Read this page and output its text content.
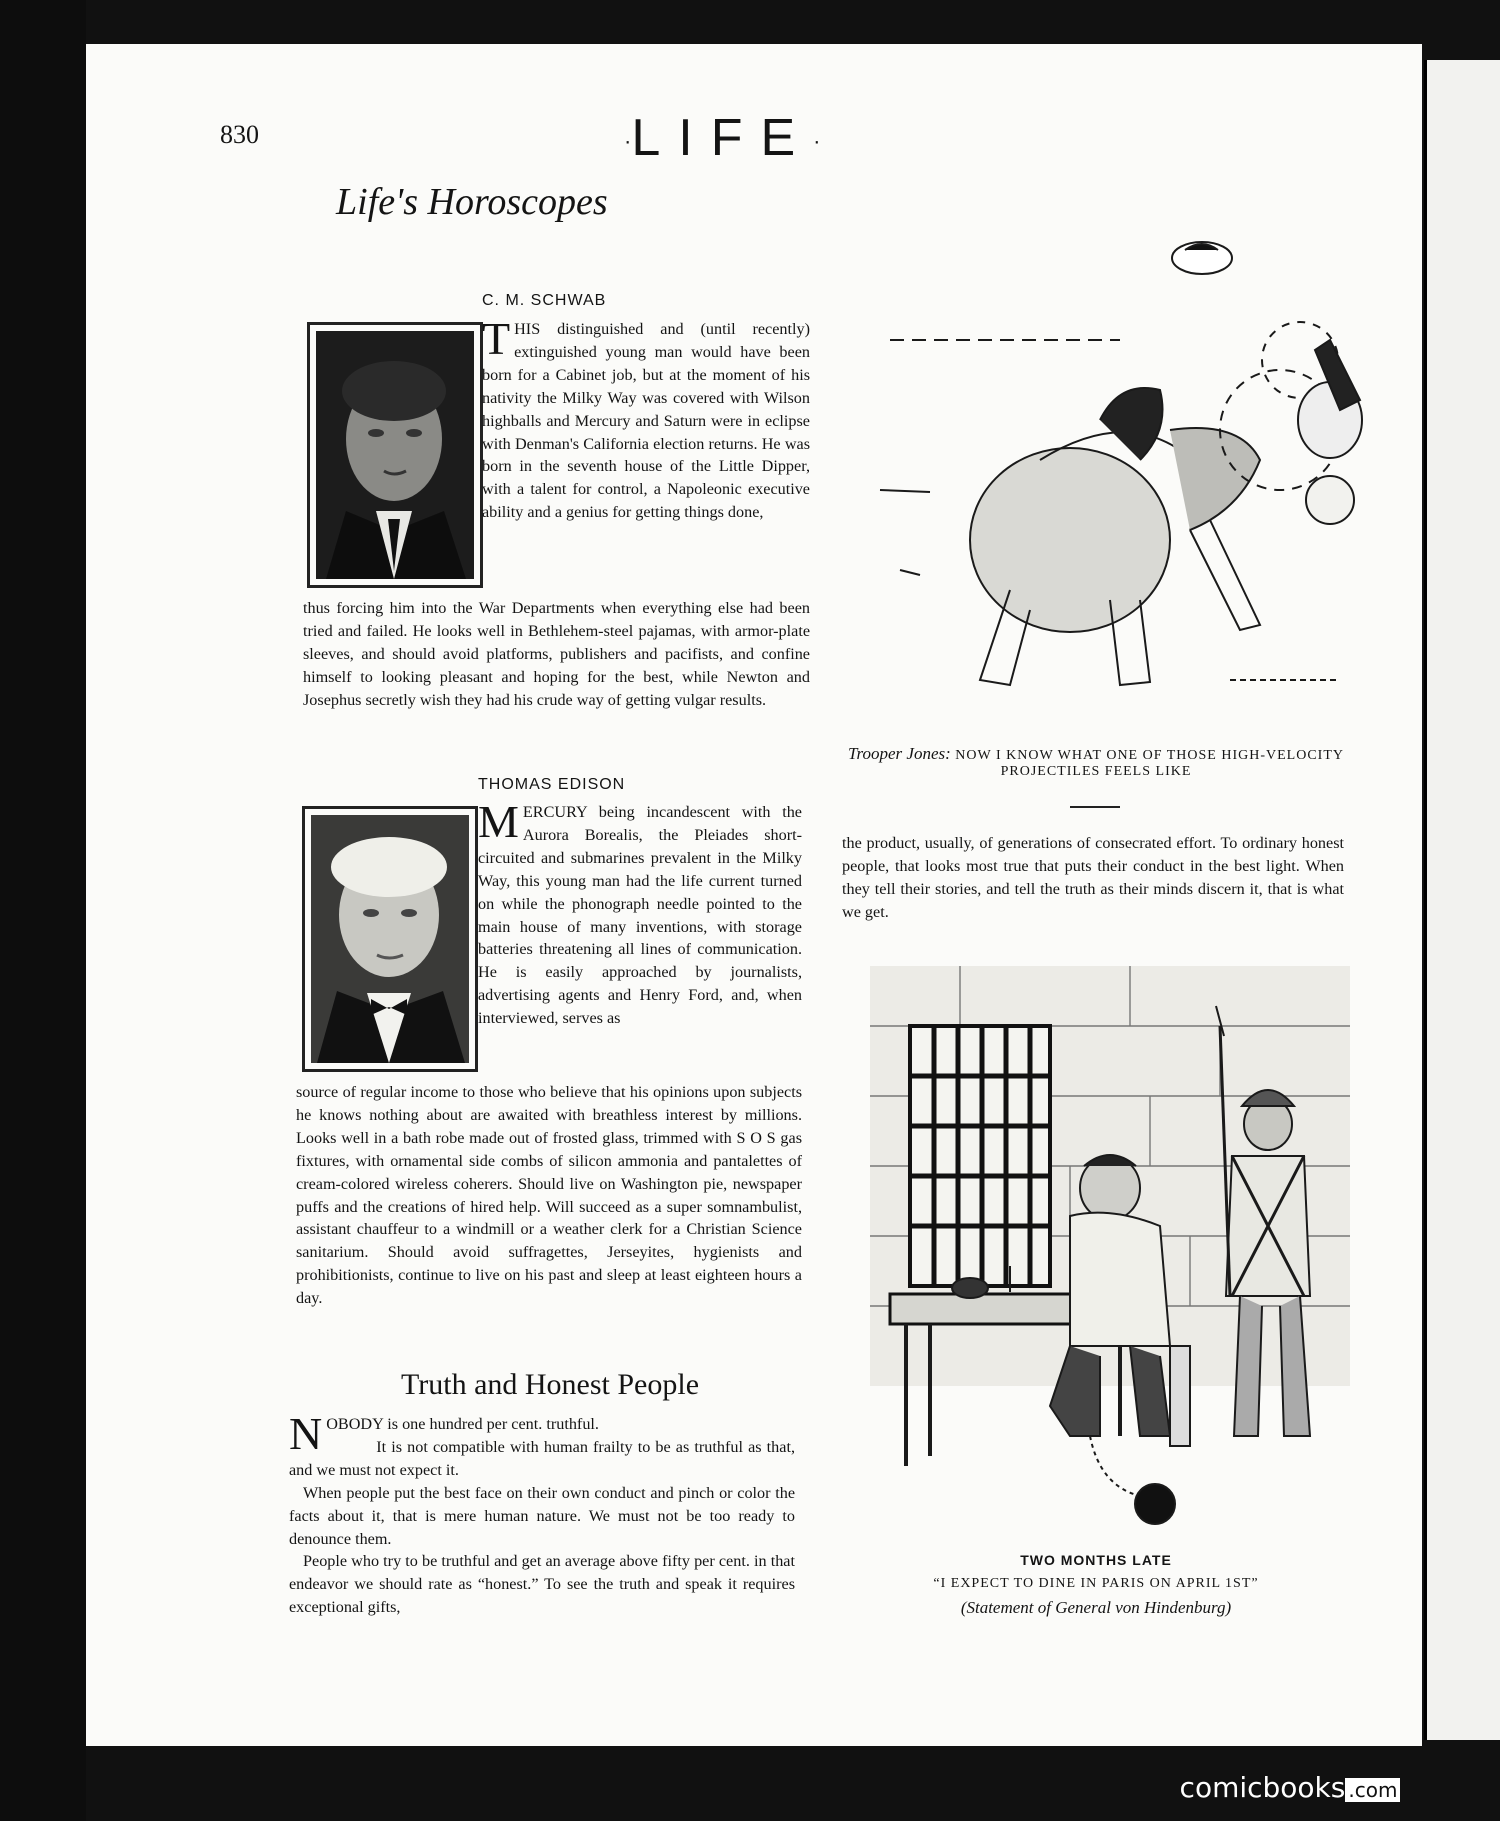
830	·LIFE·
Life's Horoscopes
C. M. SCHWAB
THIS distinguished and (until recently) extinguished young man would have been born for a Cabinet job, but at the moment of his nativity the Milky Way was covered with Wilson highballs and Mercury and Saturn were in eclipse with Denman's California election returns. He was born in the seventh house of the Little Dipper, with a talent for control, a Napoleonic executive ability and a genius for getting things done,
thus forcing him into the War Departments when everything else had been tried and failed. He looks well in Bethlehem-steel pajamas, with armor-plate sleeves, and should avoid platforms, publishers and pacifists, and confine himself to looking pleasant and hoping for the best, while Newton and Josephus secretly wish they had his crude way of getting vulgar results.
THOMAS EDISON
MERCURY being incandescent with the Aurora Borealis, the Pleiades short-circuited and submarines prevalent in the Milky Way, this young man had the life current turned on while the phonograph needle pointed to the main house of many inventions, with storage batteries threatening all lines of communication. He is easily approached by journalists, advertising agents and Henry Ford, and, when interviewed, serves as
source of regular income to those who believe that his opinions upon subjects he knows nothing about are awaited with breathless interest by millions. Looks well in a bath robe made out of frosted glass, trimmed with S O S gas fixtures, with ornamental side combs of silicon ammonia and pantalettes of cream-colored wireless coherers. Should live on Washington pie, newspaper puffs and the creations of hired help. Will succeed as a super somnambulist, assistant chauffeur to a windmill or a weather clerk for a Christian Science sanitarium. Should avoid suffragettes, Jerseyites, hygienists and prohibitionists, continue to live on his past and sleep at least eighteen hours a day.
Truth and Honest People

NOBODY is one hundred per cent. truthful.

It is not compatible with human frailty to be as truthful as that, and we must not expect it.

When people put the best face on their own conduct and pinch or color the facts about it, that is mere human nature. We must not be too ready to denounce them.

People who try to be truthful and get an average above fifty per cent. in that endeavor we should rate as “honest.” To see the truth and speak it requires exceptional gifts,

the product, usually, of generations of consecrated effort. To ordinary honest people, that looks most true that puts their conduct in the best light. When they tell their stories, and tell the truth as their minds discern it, that is what we get.
Trooper Jones: NOW I KNOW WHAT ONE OF THOSE HIGH-VELOCITY PROJECTILES FEELS LIKE
TWO MONTHS LATE
“I EXPECT TO DINE IN PARIS ON APRIL 1ST”
(Statement of General von Hindenburg)
comicbooks .com
